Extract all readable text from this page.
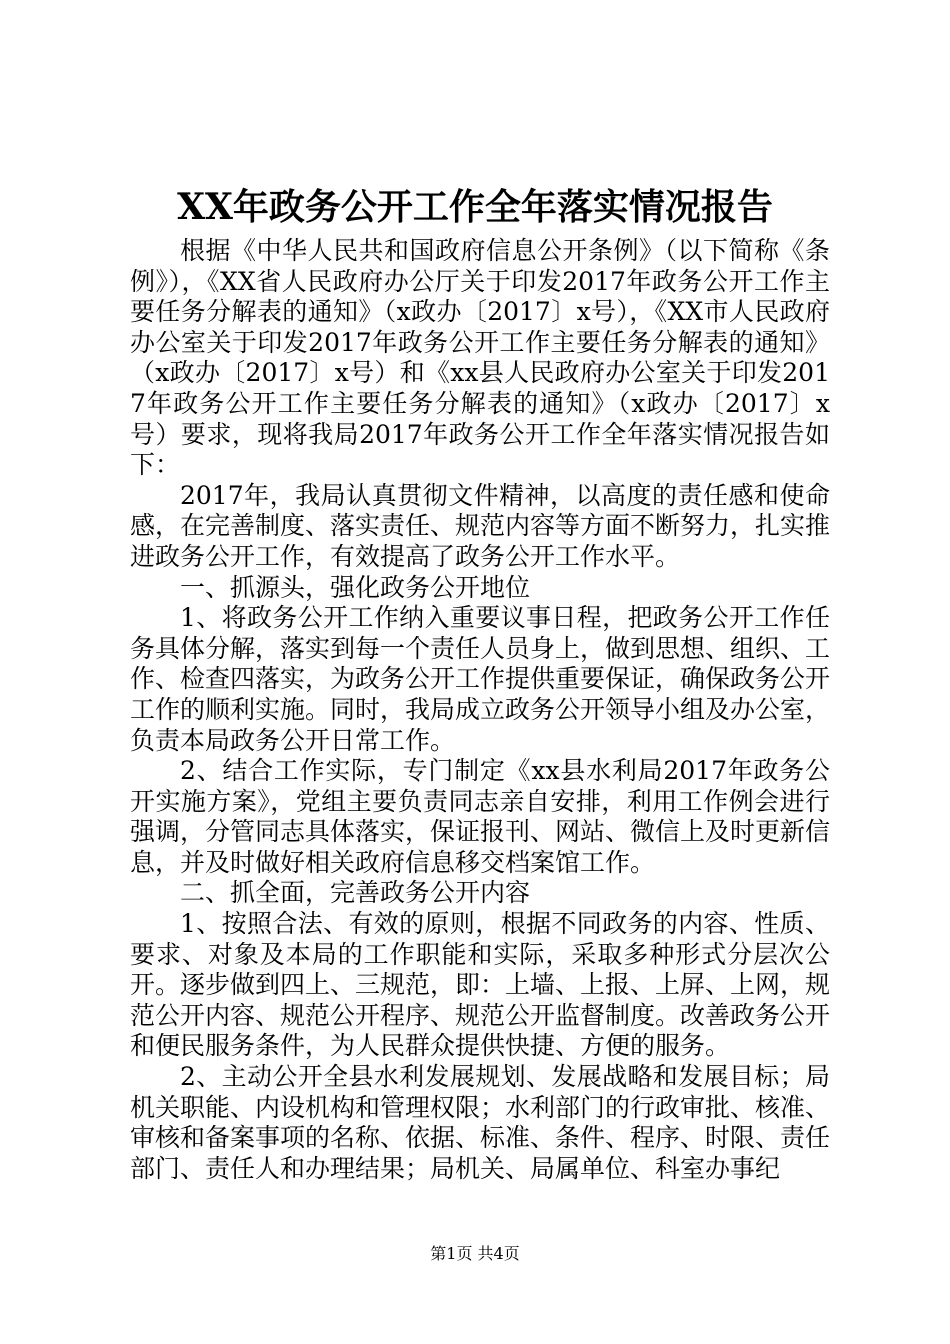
XX年政务公开工作全年落实情况报告

根据《中华人民共和国政府信息公开条例》（以下简称《条例》），《XX省人民政府办公厅关于印发2017年政务公开工作主要任务分解表的通知》（x政办〔2017〕x号），《XX市人民政府办公室关于印发2017年政务公开工作主要任务分解表的通知》（x政办〔2017〕x号）和《xx县人民政府办公室关于印发2017年政务公开工作主要任务分解表的通知》（x政办〔2017〕x号）要求，现将我局2017年政务公开工作全年落实情况报告如下：

2017年，我局认真贯彻文件精神，以高度的责任感和使命感，在完善制度、落实责任、规范内容等方面不断努力，扎实推进政务公开工作，有效提高了政务公开工作水平。

一、抓源头，强化政务公开地位

1、将政务公开工作纳入重要议事日程，把政务公开工作任务具体分解，落实到每一个责任人员身上，做到思想、组织、工作、检查四落实，为政务公开工作提供重要保证，确保政务公开工作的顺利实施。同时，我局成立政务公开领导小组及办公室，负责本局政务公开日常工作。

2、结合工作实际，专门制定《xx县水利局2017年政务公开实施方案》，党组主要负责同志亲自安排，利用工作例会进行强调，分管同志具体落实，保证报刊、网站、微信上及时更新信息，并及时做好相关政府信息移交档案馆工作。

二、抓全面，完善政务公开内容

1、按照合法、有效的原则，根据不同政务的内容、性质、要求、对象及本局的工作职能和实际，采取多种形式分层次公开。逐步做到四上、三规范，即：上墙、上报、上屏、上网，规范公开内容、规范公开程序、规范公开监督制度。改善政务公开和便民服务条件，为人民群众提供快捷、方便的服务。

2、主动公开全县水利发展规划、发展战略和发展目标；局机关职能、内设机构和管理权限；水利部门的行政审批、核准、审核和备案事项的名称、依据、标准、条件、程序、时限、责任部门、责任人和办理结果；局机关、局属单位、科室办事纪

第1页 共4页
